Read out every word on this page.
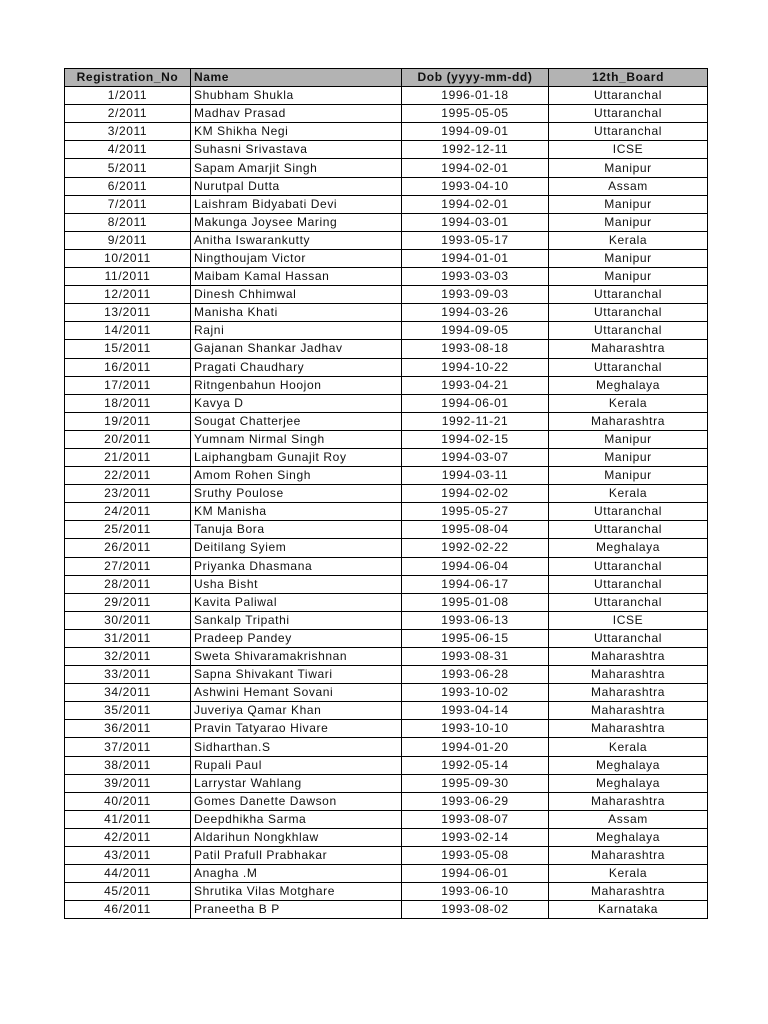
Registration_No	Name	Dob (yyyy-mm-dd)	12th_Board
1/2011	Shubham Shukla	1996-01-18	Uttaranchal
2/2011	Madhav Prasad	1995-05-05	Uttaranchal
3/2011	KM Shikha Negi	1994-09-01	Uttaranchal
4/2011	Suhasni Srivastava	1992-12-11	ICSE
5/2011	Sapam Amarjit Singh	1994-02-01	Manipur
6/2011	Nurutpal Dutta	1993-04-10	Assam
7/2011	Laishram Bidyabati Devi	1994-02-01	Manipur
8/2011	Makunga Joysee Maring	1994-03-01	Manipur
9/2011	Anitha Iswarankutty	1993-05-17	Kerala
10/2011	Ningthoujam Victor	1994-01-01	Manipur
11/2011	Maibam Kamal Hassan	1993-03-03	Manipur
12/2011	Dinesh Chhimwal	1993-09-03	Uttaranchal
13/2011	Manisha Khati	1994-03-26	Uttaranchal
14/2011	Rajni	1994-09-05	Uttaranchal
15/2011	Gajanan Shankar Jadhav	1993-08-18	Maharashtra
16/2011	Pragati Chaudhary	1994-10-22	Uttaranchal
17/2011	Ritngenbahun Hoojon	1993-04-21	Meghalaya
18/2011	Kavya D	1994-06-01	Kerala
19/2011	Sougat Chatterjee	1992-11-21	Maharashtra
20/2011	Yumnam Nirmal Singh	1994-02-15	Manipur
21/2011	Laiphangbam Gunajit Roy	1994-03-07	Manipur
22/2011	Amom Rohen Singh	1994-03-11	Manipur
23/2011	Sruthy Poulose	1994-02-02	Kerala
24/2011	KM Manisha	1995-05-27	Uttaranchal
25/2011	Tanuja Bora	1995-08-04	Uttaranchal
26/2011	Deitilang Syiem	1992-02-22	Meghalaya
27/2011	Priyanka Dhasmana	1994-06-04	Uttaranchal
28/2011	Usha Bisht	1994-06-17	Uttaranchal
29/2011	Kavita Paliwal	1995-01-08	Uttaranchal
30/2011	Sankalp Tripathi	1993-06-13	ICSE
31/2011	Pradeep Pandey	1995-06-15	Uttaranchal
32/2011	Sweta Shivaramakrishnan	1993-08-31	Maharashtra
33/2011	Sapna Shivakant Tiwari	1993-06-28	Maharashtra
34/2011	Ashwini Hemant Sovani	1993-10-02	Maharashtra
35/2011	Juveriya Qamar Khan	1993-04-14	Maharashtra
36/2011	Pravin Tatyarao Hivare	1993-10-10	Maharashtra
37/2011	Sidharthan.S	1994-01-20	Kerala
38/2011	Rupali Paul	1992-05-14	Meghalaya
39/2011	Larrystar Wahlang	1995-09-30	Meghalaya
40/2011	Gomes Danette Dawson	1993-06-29	Maharashtra
41/2011	Deepdhikha Sarma	1993-08-07	Assam
42/2011	Aldarihun Nongkhlaw	1993-02-14	Meghalaya
43/2011	Patil Prafull Prabhakar	1993-05-08	Maharashtra
44/2011	Anagha .M	1994-06-01	Kerala
45/2011	Shrutika Vilas Motghare	1993-06-10	Maharashtra
46/2011	Praneetha B P	1993-08-02	Karnataka
